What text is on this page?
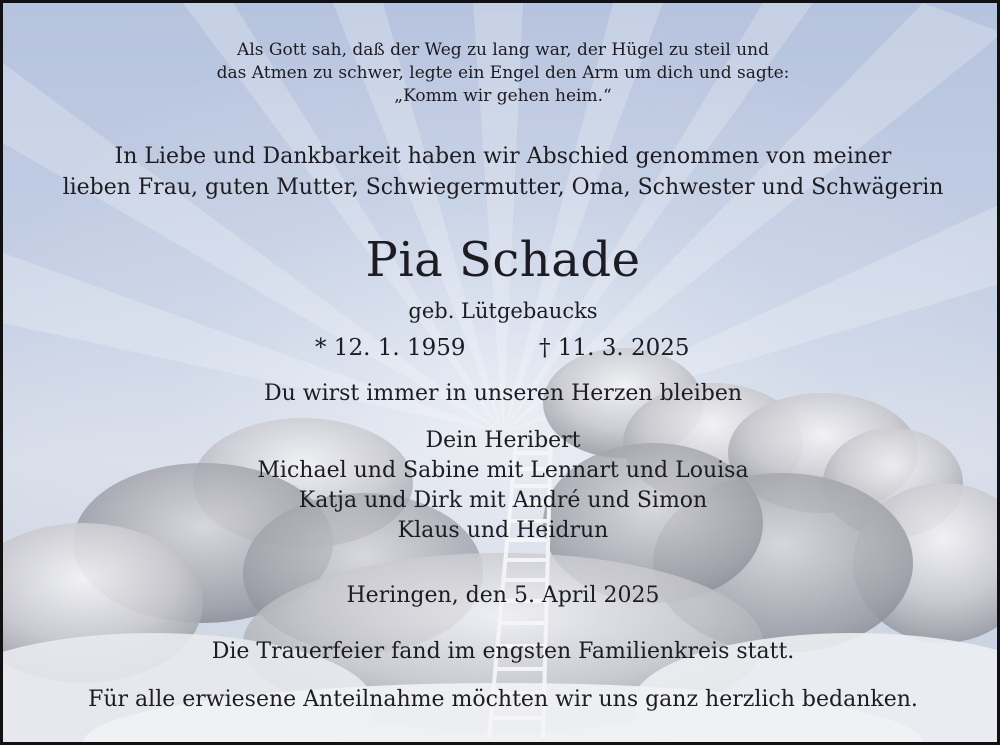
Als Gott sah, daß der Weg zu lang war, der Hügel zu steil und
das Atmen zu schwer, legte ein Engel den Arm um dich und sagte:
„Komm wir gehen heim.“
In Liebe und Dankbarkeit haben wir Abschied genommen von meiner
lieben Frau, guten Mutter, Schwiegermutter, Oma, Schwester und Schwägerin
Pia Schade
geb. Lütgebaucks
* 12. 1. 1959	† 11. 3. 2025
Du wirst immer in unseren Herzen bleiben
Dein Heribert
Michael und Sabine mit Lennart und Louisa
Katja und Dirk mit André und Simon
Klaus und Heidrun
Heringen, den 5. April 2025
Die Trauerfeier fand im engsten Familienkreis statt.
Für alle erwiesene Anteilnahme möchten wir uns ganz herzlich bedanken.
